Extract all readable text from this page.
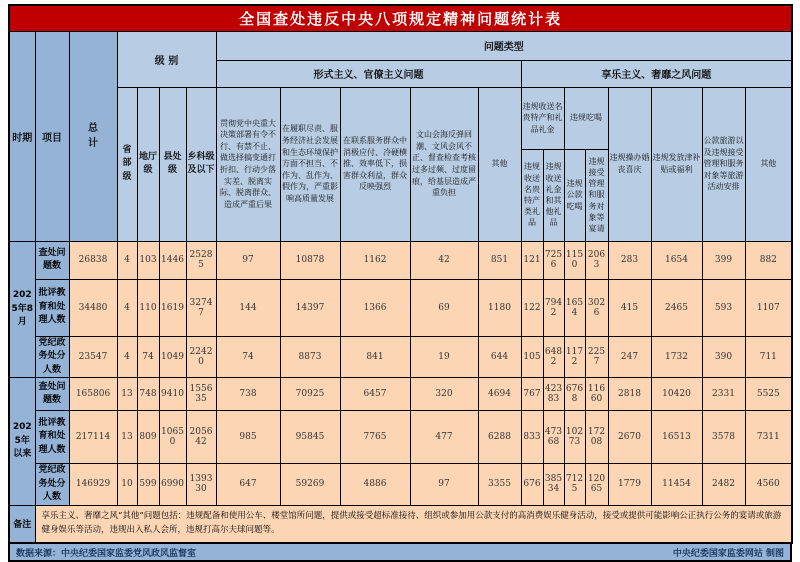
全国查处违反中央八项规定精神问题统计表																			
时期	项目	总计	级 别				问题类型												
							形式主义、官僚主义问题					享乐主义、奢靡之风问题							
			省部级	地厅级	县处级	乡科级及以下	贯彻党中央重大决策部署有令不行、有禁不止、做选择搞变通打折扣、行动少落实差、脱离实际、脱离群众、造成严重后果	在履职尽责、服务经济社会发展和生态环境保护方面不担当、不作为、乱作为、假作为，严重影响高质量发展	在联系服务群众中消极应付、冷硬横推、效率低下，损害群众利益，群众反映强烈	文山会海反弹回潮、文风会风不正、督查检查考核过多过频、过度留痕，给基层造成严重负担	其他	违规收送名贵特产和礼品礼金		违规吃喝		违规操办婚丧喜庆	违规发放津补贴或福利	公款旅游以及违规接受管理和服务对象等旅游活动安排	其他
												违规收送名贵特产类礼品	违规收送礼金和其他礼品	违规公款吃喝	违规接受管理和服务对象等宴请				
2025年8月	查处问题数	26838	4	103	1446	25285	97	10878	1162	42	851	121	7256	1150	2063	283	1654	399	882
	批评教育和处理人数	34480	4	110	1619	32747	144	14397	1366	69	1180	122	7942	1654	3026	415	2465	593	1107
	党纪政务处分人数	23547	4	74	1049	22420	74	8873	841	19	644	105	6482	1172	2257	247	1732	390	711
2025年以来	查处问题数	165806	13	748	9410	155635	738	70925	6457	320	4694	767	42383	6768	11660	2818	10420	2331	5525
	批评教育和处理人数	217114	13	809	10650	205642	985	95845	7765	477	6288	833	47368	10273	17208	2670	16513	3578	7311
	党纪政务处分人数	146929	10	599	6990	139330	647	59269	4886	97	3355	676	38534	7125	12065	1779	11454	2482	4560
备注	享乐主义、奢靡之风“其他”问题包括：违规配备和使用公车、楼堂馆所问题，提供或接受超标准接待、组织或参加用公款支付的高消费娱乐健身活动，接受或提供可能影响公正执行公务的宴请或旅游健身娱乐等活动，违规出入私人会所，违规打高尔夫球问题等。																		
数据来源：中央纪委国家监委党风政风监督室	中央纪委国家监委网站 制图
